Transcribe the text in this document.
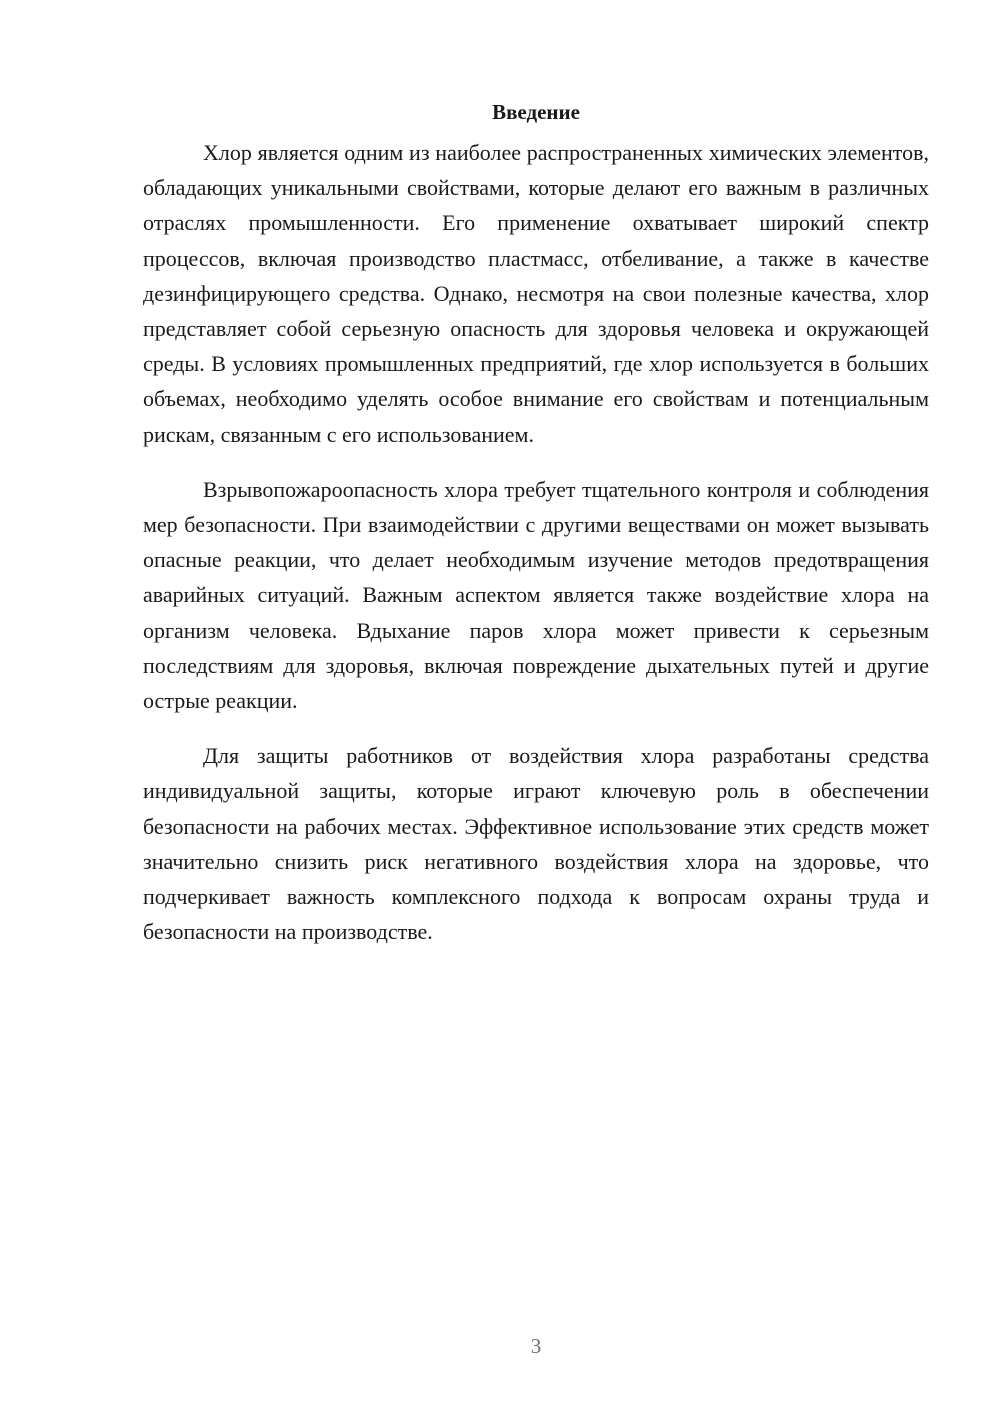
Введение

Хлор является одним из наиболее распространенных химических элементов, обладающих уникальными свойствами, которые делают его важным в различных отраслях промышленности. Его применение охватывает широкий спектр процессов, включая производство пластмасс, отбеливание, а также в качестве дезинфицирующего средства. Однако, несмотря на свои полезные качества, хлор представляет собой серьезную опасность для здоровья человека и окружающей среды. В условиях промышленных предприятий, где хлор используется в больших объемах, необходимо уделять особое внимание его свойствам и потенциальным рискам, связанным с его использованием.

Взрывопожароопасность хлора требует тщательного контроля и соблюдения мер безопасности. При взаимодействии с другими веществами он может вызывать опасные реакции, что делает необходимым изучение методов предотвращения аварийных ситуаций. Важным аспектом является также воздействие хлора на организм человека. Вдыхание паров хлора может привести к серьезным последствиям для здоровья, включая повреждение дыхательных путей и другие острые реакции.

Для защиты работников от воздействия хлора разработаны средства индивидуальной защиты, которые играют ключевую роль в обеспечении безопасности на рабочих местах. Эффективное использование этих средств может значительно снизить риск негативного воздействия хлора на здоровье, что подчеркивает важность комплексного подхода к вопросам охраны труда и безопасности на производстве.

3
